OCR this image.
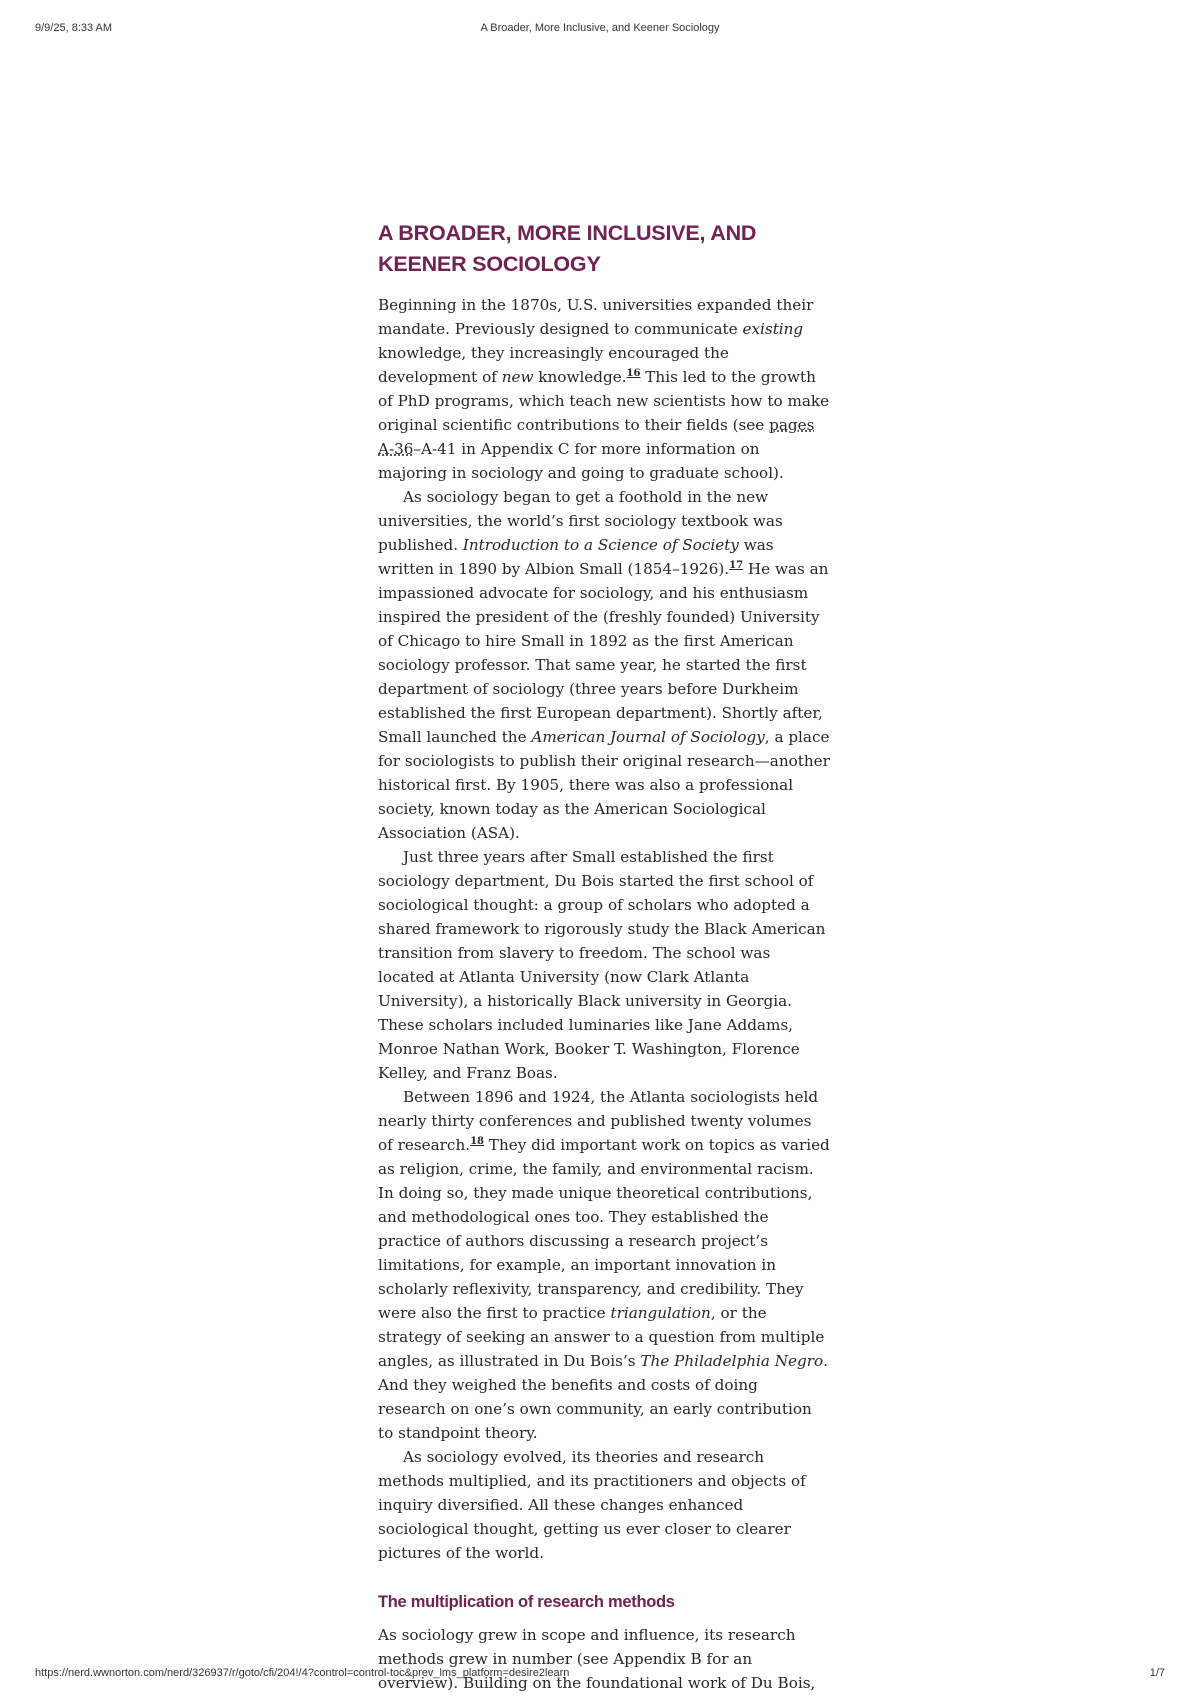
9/9/25, 8:33 AM	A Broader, More Inclusive, and Keener Sociology
A BROADER, MORE INCLUSIVE, AND KEENER SOCIOLOGY

Beginning in the 1870s, U.S. universities expanded their mandate. Previously designed to communicate existing knowledge, they increasingly encouraged the development of new knowledge.$^{16}$ This led to the growth of PhD programs, which teach new scientists how to make original scientific contributions to their fields (see pages A-36–A-41 in Appendix C for more information on majoring in sociology and going to graduate school).

As sociology began to get a foothold in the new universities, the world’s first sociology textbook was published. Introduction to a Science of Society was written in 1890 by Albion Small (1854–1926).$^{17}$ He was an impassioned advocate for sociology, and his enthusiasm inspired the president of the (freshly founded) University of Chicago to hire Small in 1892 as the first American sociology professor. That same year, he started the first department of sociology (three years before Durkheim established the first European department). Shortly after, Small launched the American Journal of Sociology, a place for sociologists to publish their original research—another historical first. By 1905, there was also a professional society, known today as the American Sociological Association (ASA).

Just three years after Small established the first sociology department, Du Bois started the first school of sociological thought: a group of scholars who adopted a shared framework to rigorously study the Black American transition from slavery to freedom. The school was located at Atlanta University (now Clark Atlanta University), a historically Black university in Georgia. These scholars included luminaries like Jane Addams, Monroe Nathan Work, Booker T. Washington, Florence Kelley, and Franz Boas.

Between 1896 and 1924, the Atlanta sociologists held nearly thirty conferences and published twenty volumes of research.$^{18}$ They did important work on topics as varied as religion, crime, the family, and environmental racism. In doing so, they made unique theoretical contributions, and methodological ones too. They established the practice of authors discussing a research project’s limitations, for example, an important innovation in scholarly reflexivity, transparency, and credibility. They were also the first to practice triangulation, or the strategy of seeking an answer to a question from multiple angles, as illustrated in Du Bois’s The Philadelphia Negro. And they weighed the benefits and costs of doing research on one’s own community, an early contribution to standpoint theory.

As sociology evolved, its theories and research methods multiplied, and its practitioners and objects of inquiry diversified. All these changes enhanced sociological thought, getting us ever closer to clearer pictures of the world.

The multiplication of research methods

As sociology grew in scope and influence, its research methods grew in number (see Appendix B for an overview). Building on the foundational work of Du Bois,

https://nerd.wwnorton.com/nerd/326937/r/goto/cfi/204!/4?control=control-toc&prev_lms_platform=desire2learn	1/7
